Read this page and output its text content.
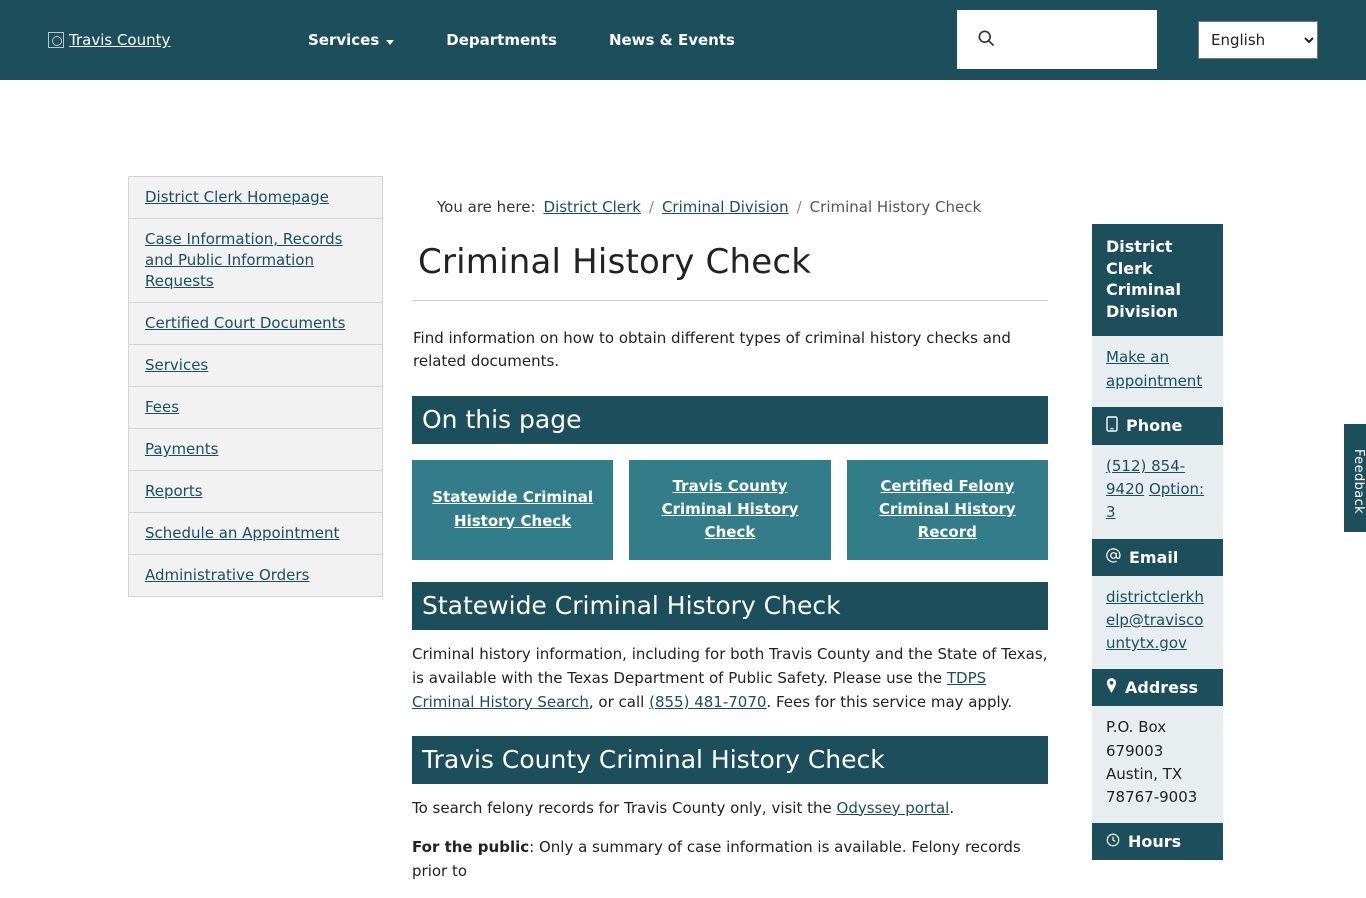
Travis County	Services	Departments	News & Events
English
District Clerk Homepage
Case Information, Records and Public Information Requests
Certified Court Documents
Services
Fees
Payments
Reports
Schedule an Appointment
Administrative Orders
You are here: District Clerk / Criminal Division / Criminal History Check
Criminal History Check

Find information on how to obtain different types of criminal history checks and related documents.

On this page
Statewide Criminal History Check
Travis County Criminal History Check
Certified Felony Criminal History Record
Statewide Criminal History Check

Criminal history information, including for both Travis County and the State of Texas, is available with the Texas Department of Public Safety. Please use the TDPS Criminal History Search, or call (855) 481-7070. Fees for this service may apply.

Travis County Criminal History Check

To search felony records for Travis County only, visit the Odyssey portal.

For the public: Only a summary of case information is available. Felony records prior to

District Clerk Criminal Division
Make an appointment
Phone
(512) 854-9420 Option: 3
Email
districtclerkhelp@traviscountytx.gov
Address
P.O. Box 679003
Austin, TX
78767-9003
Hours
Feedback
